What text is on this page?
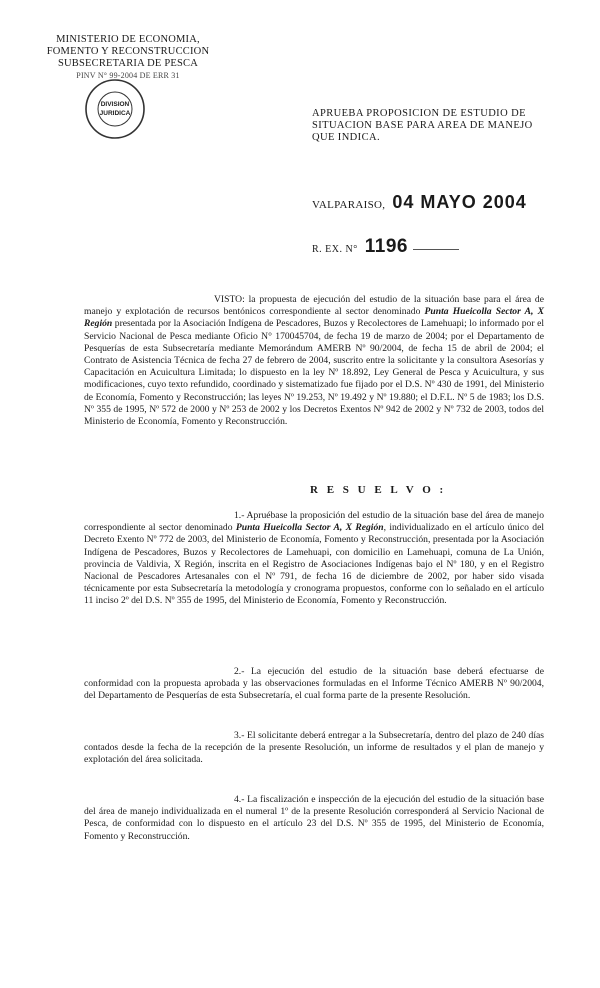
MINISTERIO DE ECONOMIA,
FOMENTO Y RECONSTRUCCION
SUBSECRETARIA DE PESCA
PINV N° 99-2004 DE ERR 31
DIVISION
JURIDICA	APRUEBA PROPOSICION DE ESTUDIO DE
SITUACION BASE PARA AREA DE MANEJO
QUE INDICA.
VALPARAISO, 04 MAYO 2004
R. EX. N° 1196
VISTO: la propuesta de ejecución del estudio de la situación base para el área de manejo y explotación de recursos bentónicos correspondiente al sector denominado Punta Hueicolla Sector A, X Región presentada por la Asociación Indígena de Pescadores, Buzos y Recolectores de Lamehuapi; lo informado por el Servicio Nacional de Pesca mediante Oficio N° 170045704, de fecha 19 de marzo de 2004; por el Departamento de Pesquerías de esta Subsecretaría mediante Memorándum AMERB Nº 90/2004, de fecha 15 de abril de 2004; el Contrato de Asistencia Técnica de fecha 27 de febrero de 2004, suscrito entre la solicitante y la consultora Asesorías y Capacitación en Acuicultura Limitada; lo dispuesto en la ley Nº 18.892, Ley General de Pesca y Acuicultura, y sus modificaciones, cuyo texto refundido, coordinado y sistematizado fue fijado por el D.S. Nº 430 de 1991, del Ministerio de Economía, Fomento y Reconstrucción; las leyes Nº 19.253, Nº 19.492 y Nº 19.880; el D.F.L. Nº 5 de 1983; los D.S. Nº 355 de 1995, Nº 572 de 2000 y Nº 253 de 2002 y los Decretos Exentos Nº 942 de 2002 y Nº 732 de 2003, todos del Ministerio de Economía, Fomento y Reconstrucción.
R E S U E L V O :
1.- Apruébase la proposición del estudio de la situación base del área de manejo correspondiente al sector denominado Punta Hueicolla Sector A, X Región, individualizado en el artículo único del Decreto Exento Nº 772 de 2003, del Ministerio de Economía, Fomento y Reconstrucción, presentada por la Asociación Indígena de Pescadores, Buzos y Recolectores de Lamehuapi, con domicilio en Lamehuapi, comuna de La Unión, provincia de Valdivia, X Región, inscrita en el Registro de Asociaciones Indígenas bajo el Nº 180, y en el Registro Nacional de Pescadores Artesanales con el Nº 791, de fecha 16 de diciembre de 2002, por haber sido visada técnicamente por esta Subsecretaría la metodología y cronograma propuestos, conforme con lo señalado en el artículo 11 inciso 2º del D.S. Nº 355 de 1995, del Ministerio de Economía, Fomento y Reconstrucción.
2.- La ejecución del estudio de la situación base deberá efectuarse de conformidad con la propuesta aprobada y las observaciones formuladas en el Informe Técnico AMERB Nº 90/2004, del Departamento de Pesquerías de esta Subsecretaría, el cual forma parte de la presente Resolución.
3.- El solicitante deberá entregar a la Subsecretaría, dentro del plazo de 240 días contados desde la fecha de la recepción de la presente Resolución, un informe de resultados y el plan de manejo y explotación del área solicitada.
4.- La fiscalización e inspección de la ejecución del estudio de la situación base del área de manejo individualizada en el numeral 1º de la presente Resolución corresponderá al Servicio Nacional de Pesca, de conformidad con lo dispuesto en el artículo 23 del D.S. Nº 355 de 1995, del Ministerio de Economía, Fomento y Reconstrucción.
